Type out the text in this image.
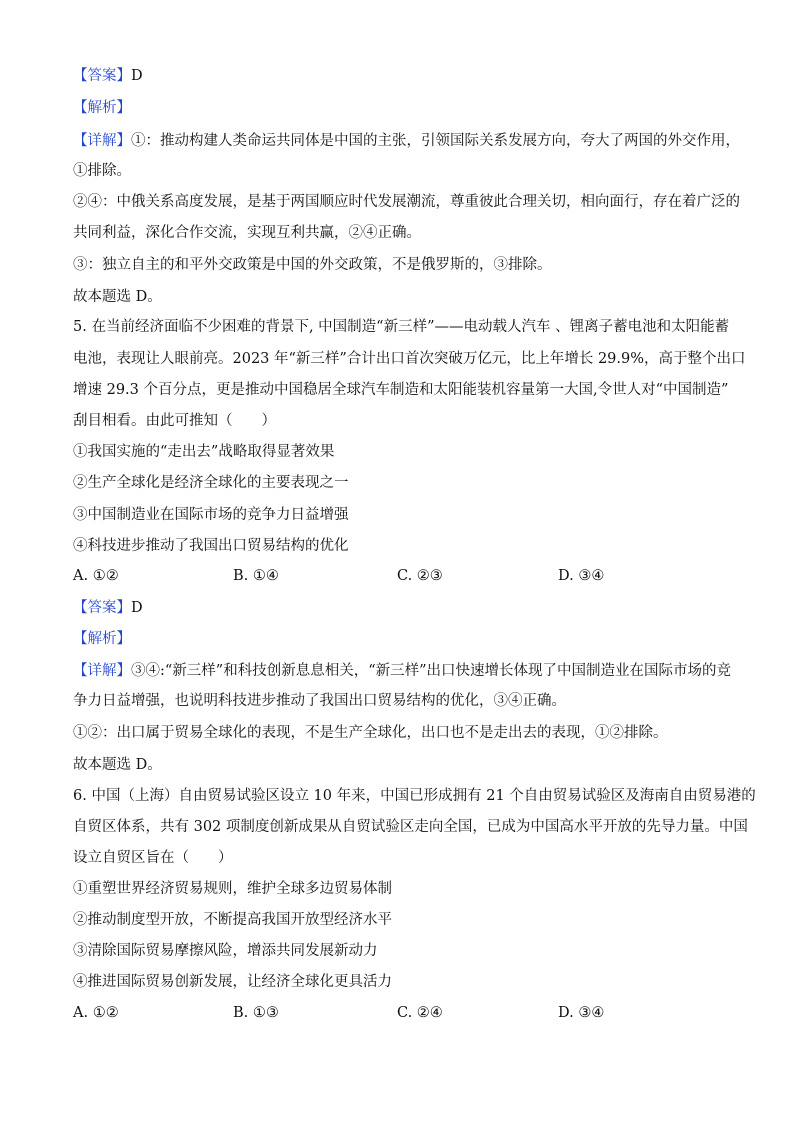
【答案】D
【解析】
【详解】①：推动构建人类命运共同体是中国的主张，引领国际关系发展方向，夸大了两国的外交作用，
①排除。
②④：中俄关系高度发展，是基于两国顺应时代发展潮流，尊重彼此合理关切，相向面行，存在着广泛的
共同利益，深化合作交流，实现互利共赢，②④正确。
③：独立自主的和平外交政策是中国的外交政策，不是俄罗斯的，③排除。
故本题选 D。
5. 在当前经济面临不少困难的背景下, 中国制造“新三样”——电动载人汽车 、锂离子蓄电池和太阳能蓄
电池，表现让人眼前亮。2023 年“新三样”合计出口首次突破万亿元，比上年增长 29.9%，高于整个出口
增速 29.3 个百分点，更是推动中国稳居全球汽车制造和太阳能装机容量第一大国,令世人对“中国制造”
刮目相看。由此可推知（　　）
①我国实施的“走出去”战略取得显著效果
②生产全球化是经济全球化的主要表现之一
③中国制造业在国际市场的竞争力日益增强
④科技进步推动了我国出口贸易结构的优化
A. ①②	B. ①④	C. ②③	D. ③④
【答案】D
【解析】
【详解】③④:“新三样”和科技创新息息相关，“新三样”出口快速增长体现了中国制造业在国际市场的竞
争力日益增强，也说明科技进步推动了我国出口贸易结构的优化，③④正确。
①②：出口属于贸易全球化的表现，不是生产全球化，出口也不是走出去的表现，①②排除。
故本题选 D。
6. 中国（上海）自由贸易试验区设立 10 年来，中国已形成拥有 21 个自由贸易试验区及海南自由贸易港的
自贸区体系，共有 302 项制度创新成果从自贸试验区走向全国，已成为中国高水平开放的先导力量。中国
设立自贸区旨在（　　）
①重塑世界经济贸易规则，维护全球多边贸易体制
②推动制度型开放，不断提高我国开放型经济水平
③清除国际贸易摩擦风险，增添共同发展新动力
④推进国际贸易创新发展，让经济全球化更具活力
A. ①②	B. ①③	C. ②④	D. ③④
